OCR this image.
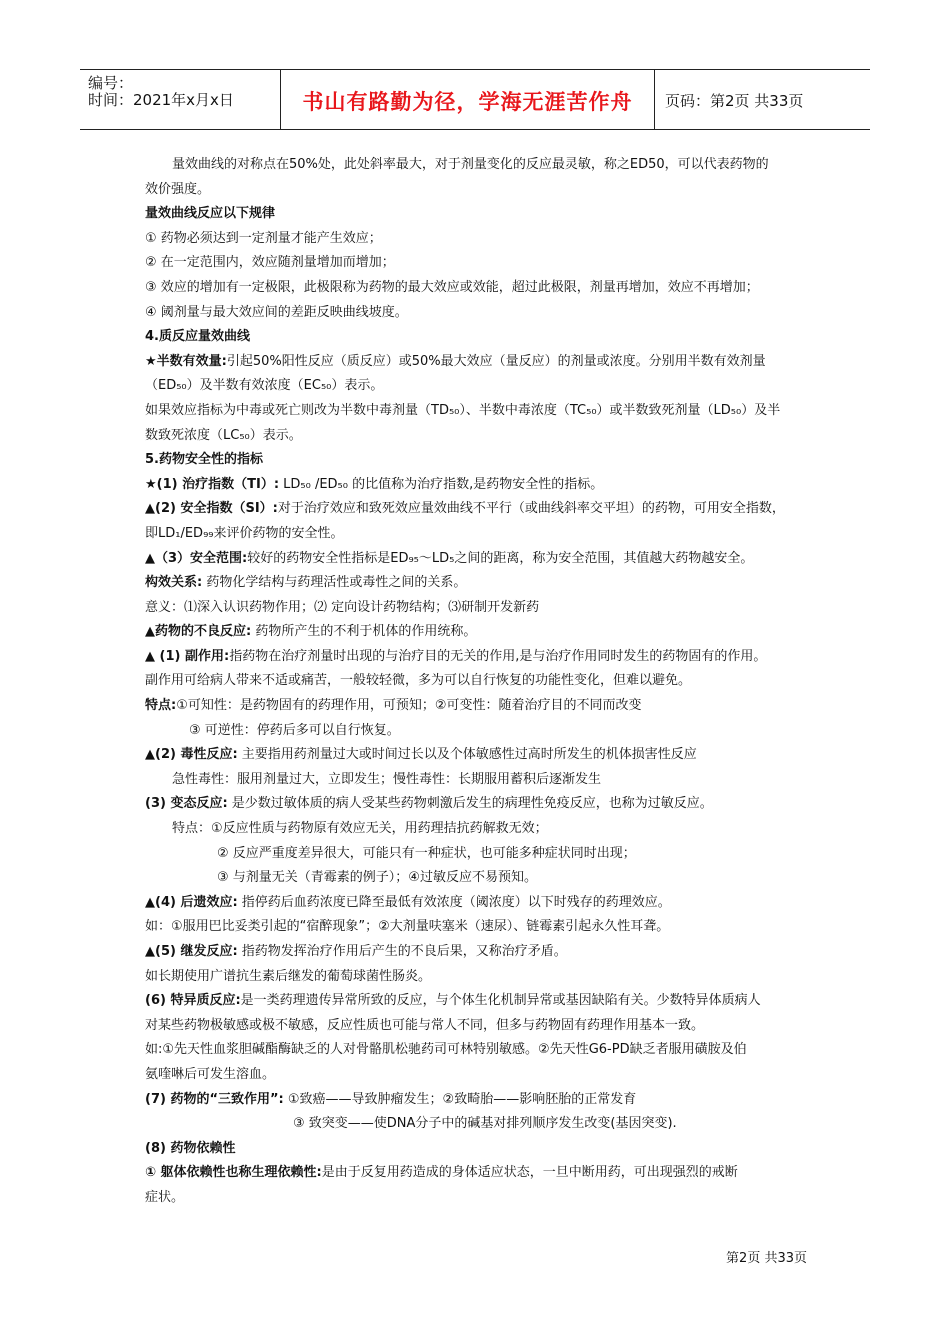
编号：
时间：2021年x月x日	书山有路勤为径，学海无涯苦作舟	页码：第2页 共33页
量效曲线的对称点在50%处，此处斜率最大，对于剂量变化的反应最灵敏，称之ED50，可以代表药物的
效价强度。
量效曲线反应以下规律
① 药物必须达到一定剂量才能产生效应；
② 在一定范围内，效应随剂量增加而增加；
③ 效应的增加有一定极限，此极限称为药物的最大效应或效能，超过此极限，剂量再增加，效应不再增加；
④ 阈剂量与最大效应间的差距反映曲线坡度。
4.质反应量效曲线
★半数有效量:引起50%阳性反应（质反应）或50%最大效应（量反应）的剂量或浓度。分别用半数有效剂量
（ED₅₀）及半数有效浓度（EC₅₀）表示。
如果效应指标为中毒或死亡则改为半数中毒剂量（TD₅₀）、半数中毒浓度（TC₅₀）或半数致死剂量（LD₅₀）及半
数致死浓度（LC₅₀）表示。
5.药物安全性的指标
★(1) 治疗指数（TI）: LD₅₀ /ED₅₀ 的比值称为治疗指数,是药物安全性的指标。
▲(2) 安全指数（SI）:对于治疗效应和致死效应量效曲线不平行（或曲线斜率交平坦）的药物，可用安全指数，
即LD₁/ED₉₉来评价药物的安全性。
▲（3）安全范围:较好的药物安全性指标是ED₉₅～LD₅之间的距离，称为安全范围，其值越大药物越安全。
构效关系: 药物化学结构与药理活性或毒性之间的关系。
意义：⑴深入认识药物作用；⑵ 定向设计药物结构；⑶研制开发新药
▲药物的不良反应: 药物所产生的不利于机体的作用统称。
▲ (1) 副作用:指药物在治疗剂量时出现的与治疗目的无关的作用,是与治疗作用同时发生的药物固有的作用。
副作用可给病人带来不适或痛苦，一般较轻微，多为可以自行恢复的功能性变化，但难以避免。
特点:①可知性：是药物固有的药理作用，可预知；②可变性：随着治疗目的不同而改变
③ 可逆性：停药后多可以自行恢复。
▲(2) 毒性反应: 主要指用药剂量过大或时间过长以及个体敏感性过高时所发生的机体损害性反应
急性毒性：服用剂量过大，立即发生；慢性毒性：长期服用蓄积后逐渐发生
(3) 变态反应: 是少数过敏体质的病人受某些药物刺激后发生的病理性免疫反应，也称为过敏反应。
特点：①反应性质与药物原有效应无关，用药理拮抗药解救无效；
② 反应严重度差异很大，可能只有一种症状，也可能多种症状同时出现；
③ 与剂量无关（青霉素的例子）；④过敏反应不易预知。
▲(4) 后遗效应: 指停药后血药浓度已降至最低有效浓度（阈浓度）以下时残存的药理效应。
如：①服用巴比妥类引起的“宿醉现象”；②大剂量呋塞米（速尿）、链霉素引起永久性耳聋。
▲(5) 继发反应: 指药物发挥治疗作用后产生的不良后果，又称治疗矛盾。
如长期使用广谱抗生素后继发的葡萄球菌性肠炎。
(6) 特异质反应:是一类药理遗传异常所致的反应，与个体生化机制异常或基因缺陷有关。少数特异体质病人
对某些药物极敏感或极不敏感，反应性质也可能与常人不同，但多与药物固有药理作用基本一致。
如:①先天性血浆胆碱酯酶缺乏的人对骨骼肌松驰药司可林特别敏感。②先天性G6-PD缺乏者服用磺胺及伯
氨喹啉后可发生溶血。
(7) 药物的“三致作用”: ①致癌——导致肿瘤发生；②致畸胎——影响胚胎的正常发育
③ 致突变——使DNA分子中的碱基对排列顺序发生改变(基因突变).
(8) 药物依赖性
① 躯体依赖性也称生理依赖性:是由于反复用药造成的身体适应状态，一旦中断用药，可出现强烈的戒断
症状。
第2页 共33页
